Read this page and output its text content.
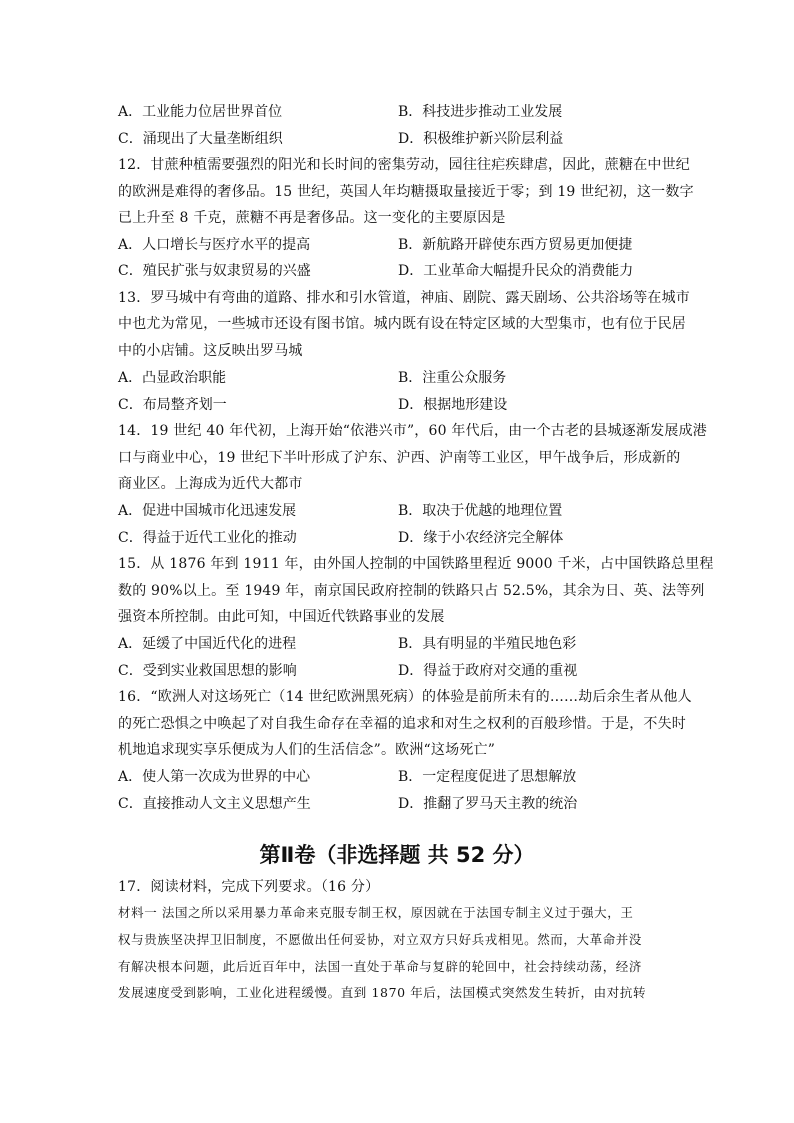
A．工业能力位居世界首位	B．科技进步推动工业发展
C．涌现出了大量垄断组织	D．积极维护新兴阶层利益
12．甘蔗种植需要强烈的阳光和长时间的密集劳动，园往往疟疾肆虐，因此，蔗糖在中世纪
的欧洲是难得的奢侈品。15 世纪，英国人年均糖摄取量接近于零；到 19 世纪初，这一数字
已上升至 8 千克，蔗糖不再是奢侈品。这一变化的主要原因是
A．人口增长与医疗水平的提高	B．新航路开辟使东西方贸易更加便捷
C．殖民扩张与奴隶贸易的兴盛	D．工业革命大幅提升民众的消费能力
13．罗马城中有弯曲的道路、排水和引水管道，神庙、剧院、露天剧场、公共浴场等在城市
中也尤为常见，一些城市还设有图书馆。城内既有设在特定区域的大型集市，也有位于民居
中的小店铺。这反映出罗马城
A．凸显政治职能	B．注重公众服务
C．布局整齐划一	D．根据地形建设
14．19 世纪 40 年代初，上海开始“依港兴市”，60 年代后，由一个古老的县城逐渐发展成港
口与商业中心，19 世纪下半叶形成了沪东、沪西、沪南等工业区，甲午战争后，形成新的
商业区。上海成为近代大都市
A．促进中国城市化迅速发展	B．取决于优越的地理位置
C．得益于近代工业化的推动	D．缘于小农经济完全解体
15．从 1876 年到 1911 年，由外国人控制的中国铁路里程近 9000 千米，占中国铁路总里程
数的 90%以上。至 1949 年，南京国民政府控制的铁路只占 52.5%，其余为日、英、法等列
强资本所控制。由此可知，中国近代铁路事业的发展
A．延缓了中国近代化的进程	B．具有明显的半殖民地色彩
C．受到实业救国思想的影响	D．得益于政府对交通的重视
16．“欧洲人对这场死亡（14 世纪欧洲黑死病）的体验是前所未有的……劫后余生者从他人
的死亡恐惧之中唤起了对自我生命存在幸福的追求和对生之权利的百般珍惜。于是，不失时
机地追求现实享乐便成为人们的生活信念”。欧洲“这场死亡”
A．使人第一次成为世界的中心	B．一定程度促进了思想解放
C．直接推动人文主义思想产生	D．推翻了罗马天主教的统治
第Ⅱ卷（非选择题 共 52 分）
17．阅读材料，完成下列要求。（16 分）
材料一 法国之所以采用暴力革命来克服专制王权，原因就在于法国专制主义过于强大，王
权与贵族坚决捍卫旧制度，不愿做出任何妥协，对立双方只好兵戎相见。然而，大革命并没
有解决根本问题，此后近百年中，法国一直处于革命与复辟的轮回中，社会持续动荡，经济
发展速度受到影响，工业化进程缓慢。直到 1870 年后，法国模式突然发生转折，由对抗转
